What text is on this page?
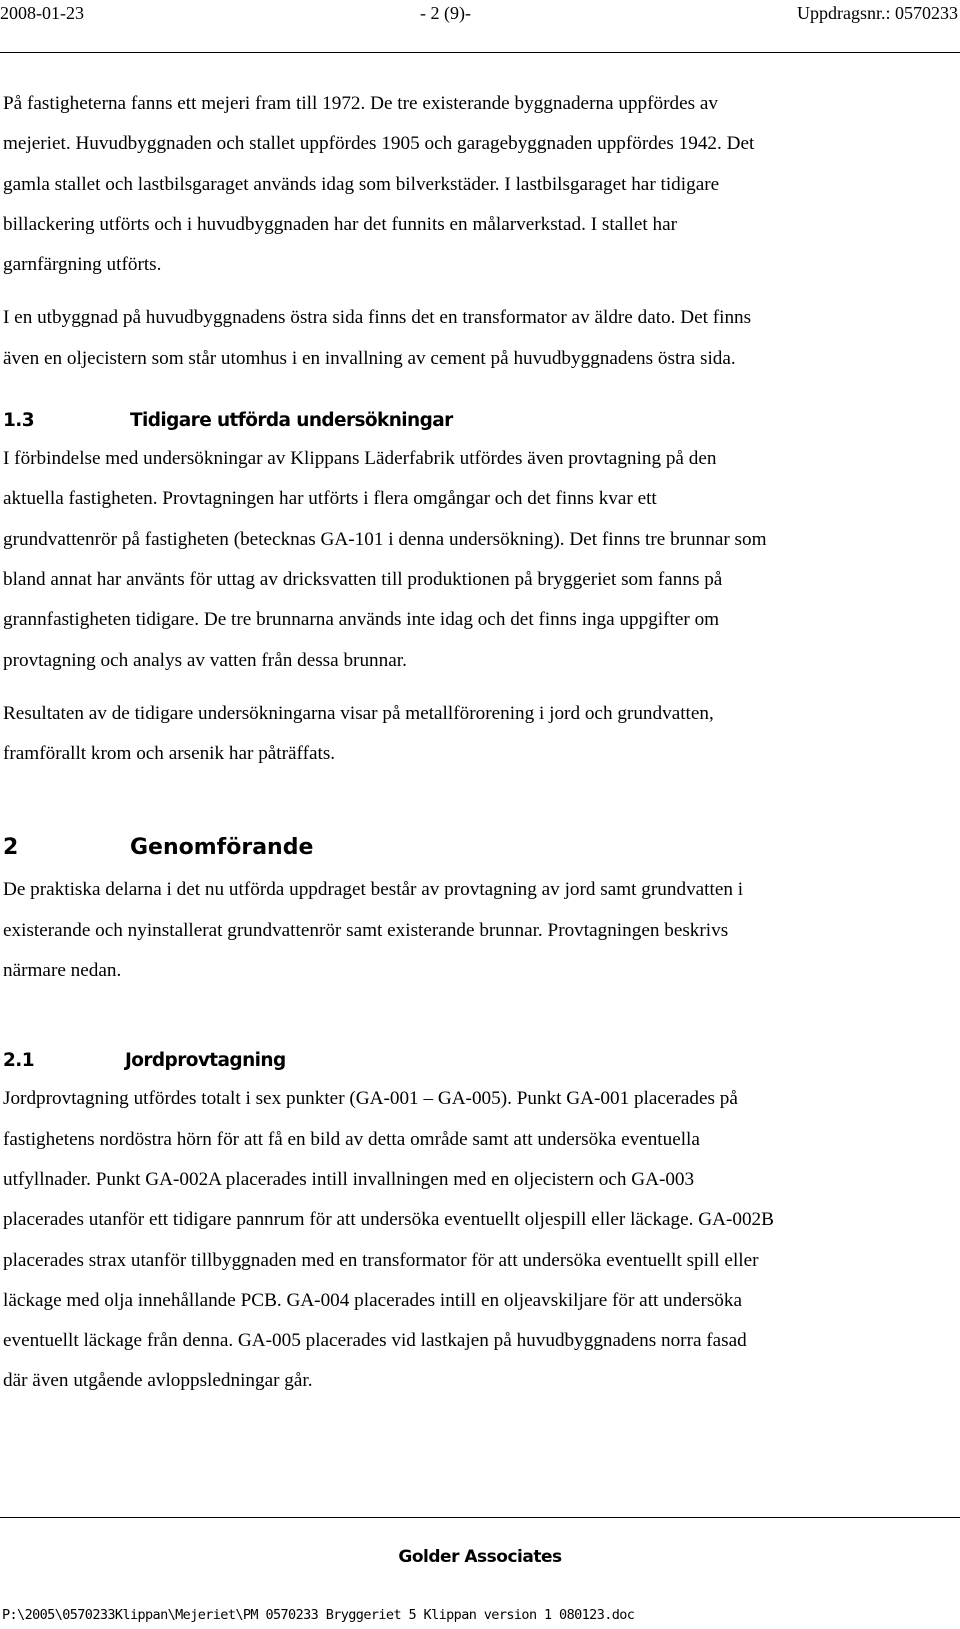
2008-01-23	- 2 (9)-	Uppdragsnr.: 0570233

På fastigheterna fanns ett mejeri fram till 1972. De tre existerande byggnaderna uppfördes av
mejeriet. Huvudbyggnaden och stallet uppfördes 1905 och garagebyggnaden uppfördes 1942. Det
gamla stallet och lastbilsgaraget används idag som bilverkstäder. I lastbilsgaraget har tidigare
billackering utförts och i huvudbyggnaden har det funnits en målarverkstad. I stallet har
garnfärgning utförts.

I en utbyggnad på huvudbyggnadens östra sida finns det en transformator av äldre dato. Det finns
även en oljecistern som står utomhus i en invallning av cement på huvudbyggnadens östra sida.

1.3	Tidigare utförda undersökningar

I förbindelse med undersökningar av Klippans Läderfabrik utfördes även provtagning på den
aktuella fastigheten. Provtagningen har utförts i flera omgångar och det finns kvar ett
grundvattenrör på fastigheten (betecknas GA-101 i denna undersökning). Det finns tre brunnar som
bland annat har använts för uttag av dricksvatten till produktionen på bryggeriet som fanns på
grannfastigheten tidigare. De tre brunnarna används inte idag och det finns inga uppgifter om
provtagning och analys av vatten från dessa brunnar.

Resultaten av de tidigare undersökningarna visar på metallförorening i jord och grundvatten,
framförallt krom och arsenik har påträffats.

2	Genomförande

De praktiska delarna i det nu utförda uppdraget består av provtagning av jord samt grundvatten i
existerande och nyinstallerat grundvattenrör samt existerande brunnar. Provtagningen beskrivs
närmare nedan.

2.1	Jordprovtagning

Jordprovtagning utfördes totalt i sex punkter (GA-001 – GA-005). Punkt GA-001 placerades på
fastighetens nordöstra hörn för att få en bild av detta område samt att undersöka eventuella
utfyllnader. Punkt GA-002A placerades intill invallningen med en oljecistern och GA-003
placerades utanför ett tidigare pannrum för att undersöka eventuellt oljespill eller läckage. GA-002B
placerades strax utanför tillbyggnaden med en transformator för att undersöka eventuellt spill eller
läckage med olja innehållande PCB. GA-004 placerades intill en oljeavskiljare för att undersöka
eventuellt läckage från denna. GA-005 placerades vid lastkajen på huvudbyggnadens norra fasad
där även utgående avloppsledningar går.

Golder Associates
P:\2005\0570233Klippan\Mejeriet\PM 0570233 Bryggeriet 5 Klippan version 1 080123.doc
